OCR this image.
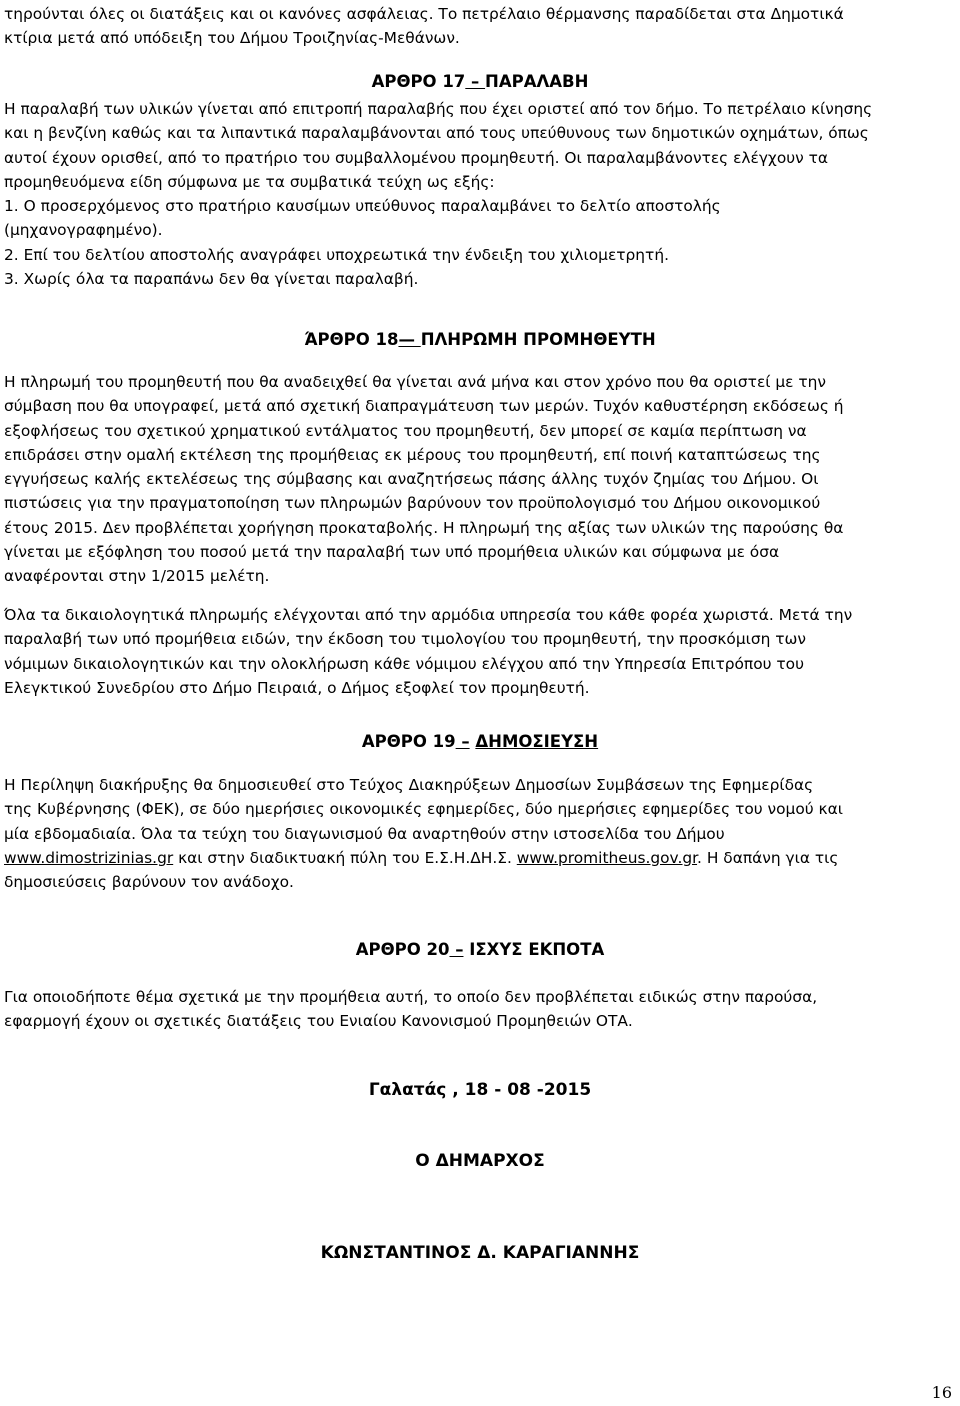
τηρούνται όλες οι διατάξεις και οι κανόνες ασφάλειας. Το πετρέλαιο θέρμανσης παραδίδεται στα Δημοτικά
κτίρια μετά από υπόδειξη του Δήμου Τροιζηνίας-Μεθάνων.
ΑΡΘΡΟ 17 – ΠΑΡΑΛΑΒΗ
Η παραλαβή των υλικών γίνεται από επιτροπή παραλαβής που έχει οριστεί από τον δήμο. Το πετρέλαιο κίνησης
και η βενζίνη καθώς και τα λιπαντικά παραλαμβάνονται από τους υπεύθυνους των δημοτικών οχημάτων, όπως
αυτοί έχουν ορισθεί, από το πρατήριο του συμβαλλομένου προμηθευτή. Οι παραλαμβάνοντες ελέγχουν τα
προμηθευόμενα είδη σύμφωνα με τα συμβατικά τεύχη ως εξής:
1. Ο προσερχόμενος στο πρατήριο καυσίμων υπεύθυνος παραλαμβάνει το δελτίο αποστολής
(μηχανογραφημένο).
2. Επί του δελτίου αποστολής αναγράφει υποχρεωτικά την ένδειξη του χιλιομετρητή.
3. Χωρίς όλα τα παραπάνω δεν θα γίνεται παραλαβή.
ΆΡΘΡΟ 18— ΠΛΗΡΩΜΗ ΠΡΟΜΗΘΕΥΤΗ
Η πληρωμή του προμηθευτή που θα αναδειχθεί θα γίνεται ανά μήνα και στον χρόνο που θα οριστεί με την
σύμβαση που θα υπογραφεί, μετά από σχετική διαπραγμάτευση των μερών. Τυχόν καθυστέρηση εκδόσεως ή
εξοφλήσεως του σχετικού χρηματικού εντάλματος του προμηθευτή, δεν μπορεί σε καμία περίπτωση να
επιδράσει στην ομαλή εκτέλεση της προμήθειας εκ μέρους του προμηθευτή, επί ποινή καταπτώσεως της
εγγυήσεως καλής εκτελέσεως της σύμβασης και αναζητήσεως πάσης άλλης τυχόν ζημίας του Δήμου. Οι
πιστώσεις για την πραγματοποίηση των πληρωμών βαρύνουν τον προϋπολογισμό του Δήμου οικονομικού
έτους 2015. Δεν προβλέπεται χορήγηση προκαταβολής. Η πληρωμή της αξίας των υλικών της παρούσης θα
γίνεται με εξόφληση του ποσού μετά την παραλαβή των υπό προμήθεια υλικών και σύμφωνα με όσα
αναφέρονται στην 1/2015 μελέτη.
Όλα τα δικαιολογητικά πληρωμής ελέγχονται από την αρμόδια υπηρεσία του κάθε φορέα χωριστά. Μετά την
παραλαβή των υπό προμήθεια ειδών, την έκδοση του τιμολογίου του προμηθευτή, την προσκόμιση των
νόμιμων δικαιολογητικών και την ολοκλήρωση κάθε νόμιμου ελέγχου από την Υπηρεσία Επιτρόπου του
Ελεγκτικού Συνεδρίου στο Δήμο Πειραιά, ο Δήμος εξοφλεί τον προμηθευτή.
ΑΡΘΡΟ 19 – ΔΗΜΟΣΙΕΥΣΗ
Η Περίληψη διακήρυξης θα δημοσιευθεί στο Τεύχος Διακηρύξεων Δημοσίων Συμβάσεων της Εφημερίδας
της Κυβέρνησης (ΦΕΚ), σε δύο ημερήσιες οικονομικές εφημερίδες, δύο ημερήσιες εφημερίδες του νομού και
μία εβδομαδιαία. Όλα τα τεύχη του διαγωνισμού θα αναρτηθούν στην ιστοσελίδα του Δήμου
www.dimostrizinias.gr και στην διαδικτυακή πύλη του Ε.Σ.Η.ΔΗ.Σ. www.promitheus.gov.gr. Η δαπάνη για τις
δημοσιεύσεις βαρύνουν τον ανάδοχο.
ΑΡΘΡΟ 20 – ΙΣΧΥΣ ΕΚΠΟΤΑ
Για οποιοδήποτε θέμα σχετικά με την προμήθεια αυτή, το οποίο δεν προβλέπεται ειδικώς στην παρούσα,
εφαρμογή έχουν οι σχετικές διατάξεις του Ενιαίου Κανονισμού Προμηθειών ΟΤΑ.
Γαλατάς , 18 - 08 -2015
Ο ΔΗΜΑΡΧΟΣ
ΚΩΝΣΤΑΝΤΙΝΟΣ Δ. ΚΑΡΑΓΙΑΝΝΗΣ
16
